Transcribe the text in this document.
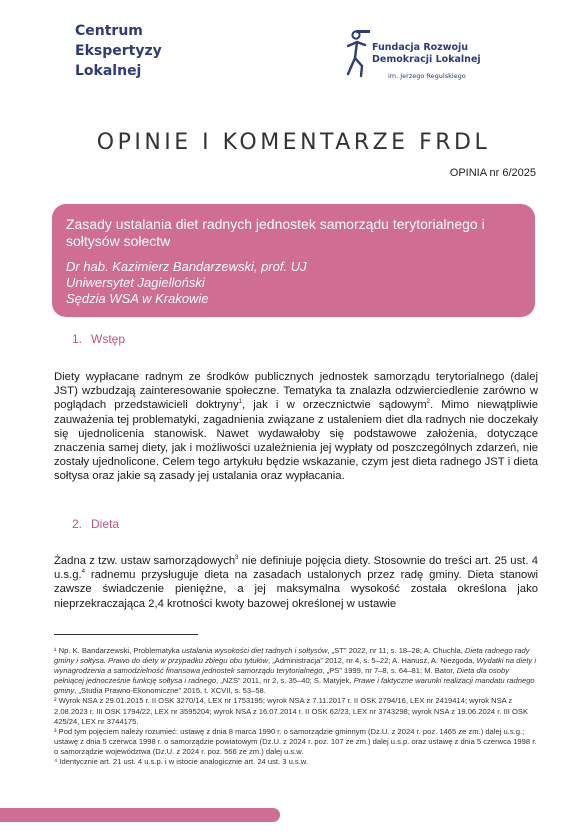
Centrum
Ekspertyzy
Lokalnej
Fundacja Rozwoju
Demokracji Lokalnej
im. Jerzego Regulskiego
OPINIE I KOMENTARZE FRDL
OPINIA nr 6/2025
Zasady ustalania diet radnych jednostek samorządu terytorialnego i sołtysów sołectw
Dr hab. Kazimierz Bandarzewski, prof. UJ
Uniwersytet Jagielloński
Sędzia WSA w Krakowie
1. Wstęp
Diety wypłacane radnym ze środków publicznych jednostek samorządu terytorialnego (dalej JST) wzbudzają zainteresowanie społeczne. Tematyka ta znalazła odzwierciedlenie zarówno w poglądach przedstawicieli doktryny$^1$, jak i w orzecznictwie sądowym$^2$. Mimo niewątpliwie zauważenia tej problematyki, zagadnienia związane z ustaleniem diet dla radnych nie doczekały się ujednolicenia stanowisk. Nawet wydawałoby się podstawowe założenia, dotyczące znaczenia samej diety, jak i możliwości uzależnienia jej wypłaty od poszczególnych zdarzeń, nie zostały ujednolicone. Celem tego artykułu będzie wskazanie, czym jest dieta radnego JST i dieta sołtysa oraz jakie są zasady jej ustalania oraz wypłacania.
2. Dieta
Żadna z tzw. ustaw samorządowych$^3$ nie definiuje pojęcia diety. Stosownie do treści art. 25 ust. 4 u.s.g.$^4$ radnemu przysługuje dieta na zasadach ustalonych przez radę gminy. Dieta stanowi zawsze świadczenie pieniężne, a jej maksymalna wysokość została określona jako nieprzekraczająca 2,4 krotności kwoty bazowej określonej w ustawie

¹ Np. K. Bandarzewski, Problematyka ustalania wysokości diet radnych i sołtysów, „ST” 2022, nr 11, s. 18–28; A. Chuchla, Dieta radnego rady gminy i sołtysa. Prawo do diety w przypadku zbiegu obu tytułów, „Administracja” 2012, nr 4, s. 5–22; A. Hanusz, A. Niezgoda, Wydatki na diety i wynagrodzenia a samodzielność finansowa jednostek samorządu terytorialnego, „PS” 1999, nr 7–8, s. 64–81; M. Bator, Dieta dla osoby pełniącej jednocześnie funkcję sołtysa i radnego, „NZS” 2011, nr 2, s. 35–40; S. Matyjek, Prawe i faktyczne warunki realizacji mandatu radnego gminy, „Studia Prawno-Ekonomiczne” 2015, t. XCVII, s. 53–58.

² Wyrok NSA z 29.01.2015 r. II OSK 3270/14, LEX nr 1753195; wyrok NSA z 7.11.2017 r. II OSK 2794/16, LEX nr 2419414; wyrok NSA z 2.08.2023 r. III OSK 1794/22, LEX nr 3595204; wyrok NSA z 16.07.2014 r. II OSK 62/23, LEX nr 3743298; wyrok NSA z 19.06.2024 r. III OSK 425/24, LEX nr 3744175.

³ Pod tym pojęciem należy rozumieć: ustawę z dnia 8 marca 1990 r. o samorządzie gminnym (Dz.U. z 2024 r. poz. 1465 ze zm.) dalej u.s.g.; ustawę z dnia 5 czerwca 1998 r. o samorządzie powiatowym (Dz.U. z 2024 r. poz. 107 ze zm.) dalej u.s.p. oraz ustawę z dnia 5 czerwca 1998 r. o samorządzie województwa (Dz.U. z 2024 r. poz. 566 ze zm.) dalej u.s.w.

⁴ Identycznie art. 21 ust. 4 u.s.p. i w istocie analogicznie art. 24 ust. 3 u.s.w.
